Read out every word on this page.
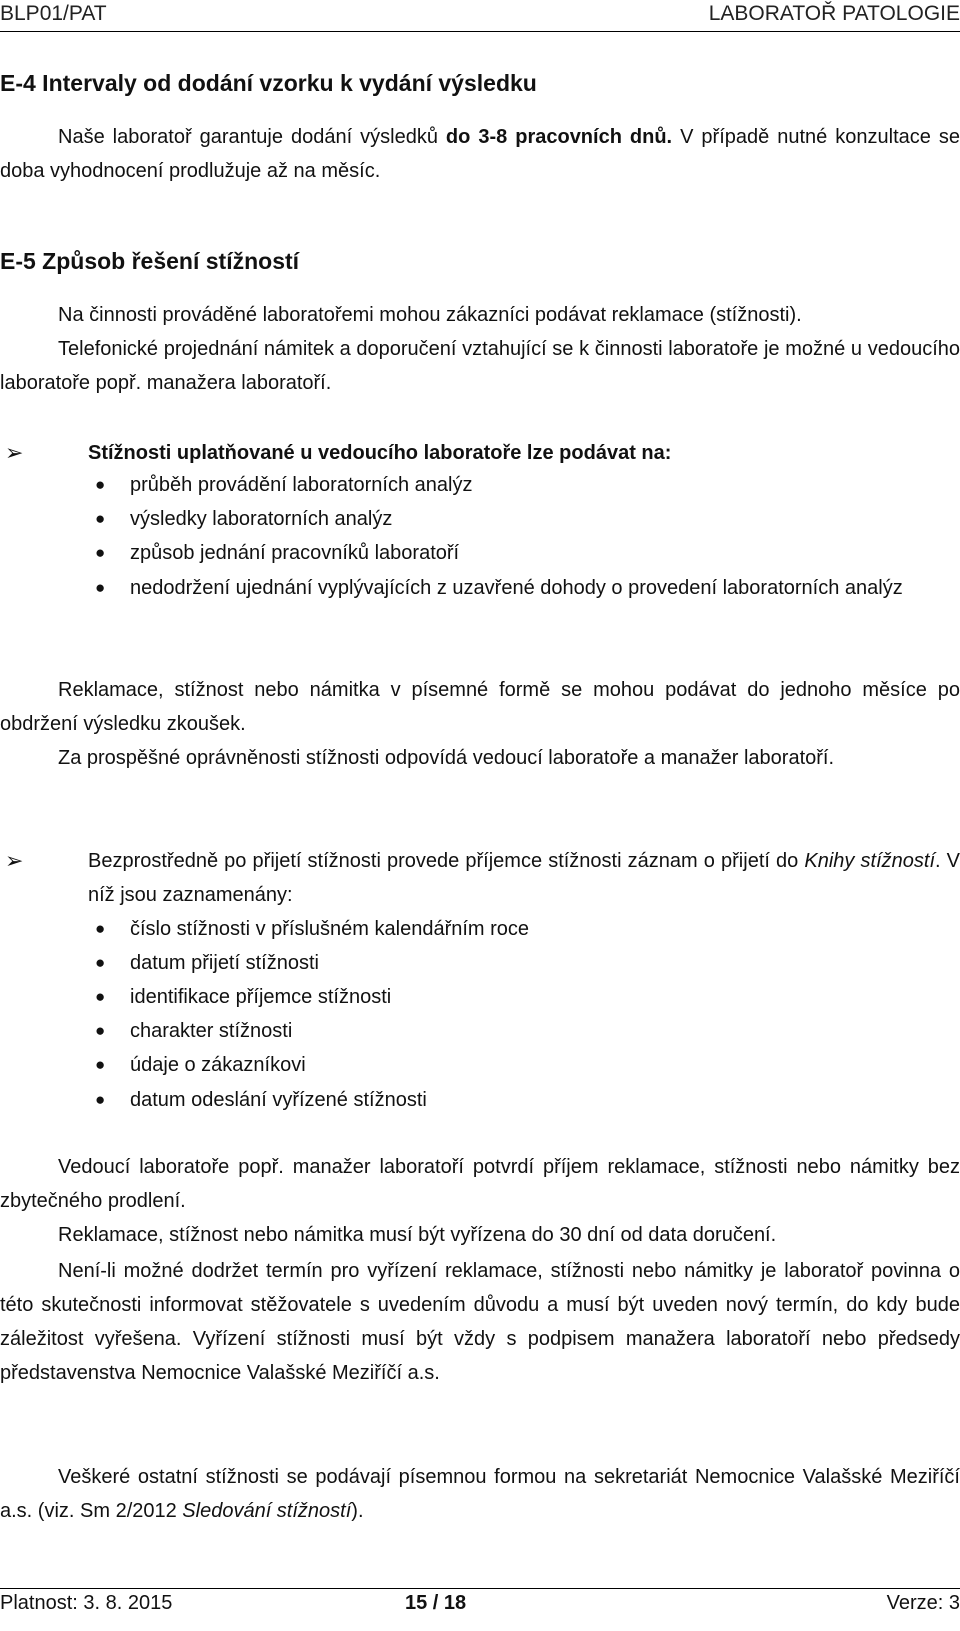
BLP01/PAT	LABORATOŘ PATOLOGIE
E-4 Intervaly od dodání vzorku k vydání výsledku

Naše laboratoř garantuje dodání výsledků do 3-8 pracovních dnů. V případě nutné konzultace se doba vyhodnocení prodlužuje až na měsíc.

E-5 Způsob řešení stížností

Na činnosti prováděné laboratořemi mohou zákazníci podávat reklamace (stížnosti).

Telefonické projednání námitek a doporučení vztahující se k činnosti laboratoře je možné u vedoucího laboratoře popř. manažera laboratoří.

➢	Stížnosti uplatňované u vedoucího laboratoře lze podávat na:
● průběh provádění laboratorních analýz
● výsledky laboratorních analýz
● způsob jednání pracovníků laboratoří
● nedodržení ujednání vyplývajících z uzavřené dohody o provedení laboratorních analýz

Reklamace, stížnost nebo námitka v písemné formě se mohou podávat do jednoho měsíce po obdržení výsledku zkoušek.

Za prospěšné oprávněnosti stížnosti odpovídá vedoucí laboratoře a manažer laboratoří.

➢	Bezprostředně po přijetí stížnosti provede příjemce stížnosti záznam o přijetí do Knihy stížností. V níž jsou zaznamenány:

● číslo stížnosti v příslušném kalendářním roce
● datum přijetí stížnosti
● identifikace příjemce stížnosti
● charakter stížnosti
● údaje o zákazníkovi
● datum odeslání vyřízené stížnosti

Vedoucí laboratoře popř. manažer laboratoří potvrdí příjem reklamace, stížnosti nebo námitky bez zbytečného prodlení.

Reklamace, stížnost nebo námitka musí být vyřízena do 30 dní od data doručení.

Není-li možné dodržet termín pro vyřízení reklamace, stížnosti nebo námitky je laboratoř povinna o této skutečnosti informovat stěžovatele s uvedením důvodu a musí být uveden nový termín, do kdy bude záležitost vyřešena. Vyřízení stížnosti musí být vždy s podpisem manažera laboratoří nebo předsedy představenstva Nemocnice Valašské Meziříčí a.s.

Veškeré ostatní stížnosti se podávají písemnou formou na sekretariát Nemocnice Valašské Meziříčí a.s. (viz. Sm 2/2012 Sledování stížností).

Platnost: 3. 8. 2015	15 / 18	Verze: 3
